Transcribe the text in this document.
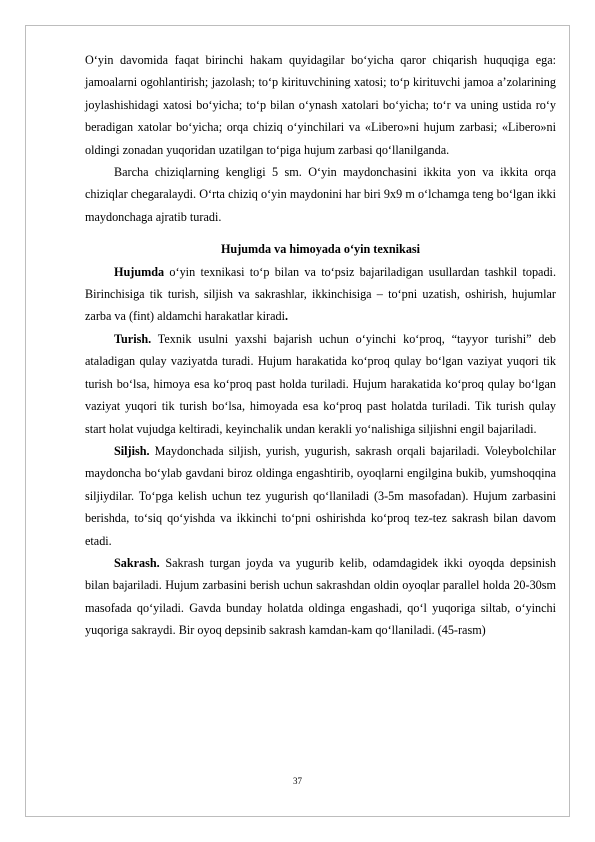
O‘yin davomida faqat birinchi hakam quyidagilar bo‘yicha qaror chiqarish huquqiga ega: jamoalarni ogohlantirish; jazolash; to‘p kirituvchining xatosi; to‘p kirituvchi jamoa a’zolarining joylashishidagi xatosi bo‘yicha; to‘p bilan o‘ynash xatolari bo‘yicha; to‘r va uning ustida ro‘y beradigan xatolar bo‘yicha; orqa chiziq o‘yinchilari va «Libero»ni hujum zarbasi; «Libero»ni oldingi zonadan yuqoridan uzatilgan to‘piga hujum zarbasi qo‘llanilganda.

Barcha chiziqlarning kengligi 5 sm. O‘yin maydonchasini ikkita yon va ikkita orqa chiziqlar chegaralaydi. O‘rta chiziq o‘yin maydonini har biri 9x9 m o‘lchamga teng bo‘lgan ikki maydonchaga ajratib turadi.

Hujumda va himoyada o‘yin texnikasi

Hujumda o‘yin texnikasi to‘p bilan va to‘psiz bajariladigan usullardan tashkil topadi. Birinchisiga tik turish, siljish va sakrashlar, ikkinchisiga – to‘pni uzatish, oshirish, hujumlar zarba va (fint) aldamchi harakatlar kiradi.

Turish. Texnik usulni yaxshi bajarish uchun o‘yinchi ko‘proq, “tayyor turishi” deb ataladigan qulay vaziyatda turadi. Hujum harakatida ko‘proq qulay bo‘lgan vaziyat yuqori tik turish bo‘lsa, himoya esa ko‘proq past holda turiladi. Hujum harakatida ko‘proq qulay bo‘lgan vaziyat yuqori tik turish bo‘lsa, himoyada esa ko‘proq past holatda turiladi. Tik turish qulay start holat vujudga keltiradi, keyinchalik undan kerakli yo‘nalishiga siljishni engil bajariladi.

Siljish. Maydonchada siljish, yurish, yugurish, sakrash orqali bajariladi. Voleybolchilar maydoncha bo‘ylab gavdani biroz oldinga engashtirib, oyoqlarni engilgina bukib, yumshoqqina siljiydilar. To‘pga kelish uchun tez yugurish qo‘llaniladi (3-5m masofadan). Hujum zarbasini berishda, to‘siq qo‘yishda va ikkinchi to‘pni oshirishda ko‘proq tez-tez sakrash bilan davom etadi.

Sakrash. Sakrash turgan joyda va yugurib kelib, odamdagidek ikki oyoqda depsinish bilan bajariladi. Hujum zarbasini berish uchun sakrashdan oldin oyoqlar parallel holda 20-30sm masofada qo‘yiladi. Gavda bunday holatda oldinga engashadi, qo‘l yuqoriga siltab, o‘yinchi yuqoriga sakraydi. Bir oyoq depsinib sakrash kamdan-kam qo‘llaniladi. (45-rasm)

37
